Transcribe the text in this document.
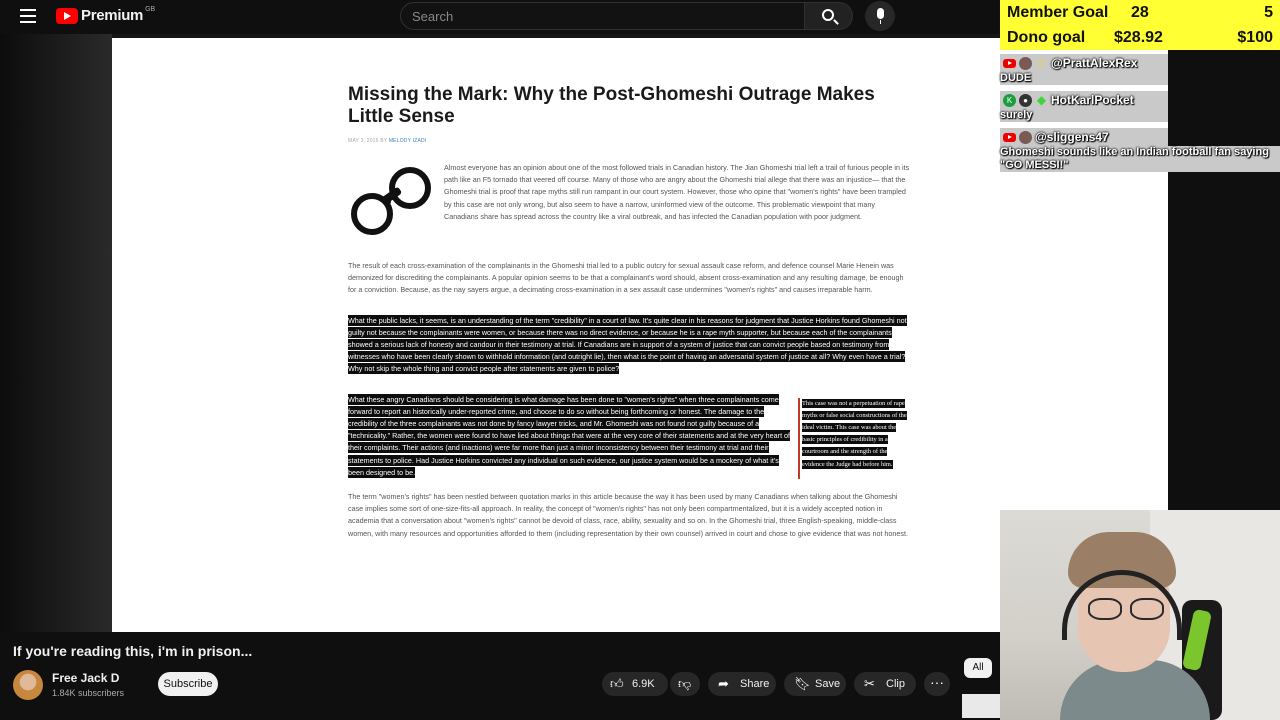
Premium GB
Search
Missing the Mark: Why the Post-Ghomeshi Outrage Makes Little Sense
MAY 3, 2016 BY MELODY IZADI

Almost everyone has an opinion about one of the most followed trials in Canadian history. The Jian Ghomeshi trial left a trail of furious people in its path like an F5 tornado that veered off course. Many of those who are angry about the Ghomeshi trial allege that there was an injustice— that the Ghomeshi trial is proof that rape myths still run rampant in our court system. However, those who opine that "women's rights" have been trampled by this case are not only wrong, but also seem to have a narrow, uninformed view of the outcome. This problematic viewpoint that many Canadians share has spread across the country like a viral outbreak, and has infected the Canadian population with poor judgment.

The result of each cross-examination of the complainants in the Ghomeshi trial led to a public outcry for sexual assault case reform, and defence counsel Marie Henein was demonized for discrediting the complainants. A popular opinion seems to be that a complainant's word should, absent cross-examination and any resulting damage, be enough for a conviction. Because, as the nay sayers argue, a decimating cross-examination in a sex assault case undermines "women's rights" and causes irreparable harm.

What the public lacks, it seems, is an understanding of the term "credibility" in a court of law. It's quite clear in his reasons for judgment that Justice Horkins found Ghomeshi not guilty not because the complainants were women, or because there was no direct evidence, or because he is a rape myth supporter, but because each of the complainants showed a serious lack of honesty and candour in their testimony at trial. If Canadians are in support of a system of justice that can convict people based on testimony from witnesses who have been clearly shown to withhold information (and outright lie), then what is the point of having an adversarial system of justice at all? Why even have a trial? Why not skip the whole thing and convict people after statements are given to police?

What these angry Canadians should be considering is what damage has been done to "women's rights" when three complainants come forward to report an historically under-reported crime, and choose to do so without being forthcoming or honest. The damage to the credibility of the three complainants was not done by fancy lawyer tricks, and Mr. Ghomeshi was not found not guilty because of a "technicality." Rather, the women were found to have lied about things that were at the very core of their statements and at the very heart of their complaints. Their actions (and inactions) were far more than just a minor inconsistency between their testimony at trial and their statements to police. Had Justice Horkins convicted any individual on such evidence, our justice system would be a mockery of what it's been designed to be.

This case was not a perpetuation of rape myths or false social constructions of the ideal victim. This case was about the basic principles of credibility in a courtroom and the strength of the evidence the Judge had before him.

The term "women's rights" has been nestled between quotation marks in this article because the way it has been used by many Canadians when talking about the Ghomeshi case implies some sort of one-size-fits-all approach. In reality, the concept of "women's rights" has not only been compartmentalized, but it is a widely accepted notion in academia that a conversation about "women's rights" cannot be devoid of class, race, ability, sexuality and so on. In the Ghomeshi trial, three English-speaking, middle-class women, with many resources and opportunities afforded to them (including representation by their own counsel) arrived in court and chose to give evidence that was not honest.

Member Goal 28	5
Dono goal $28.92	$100
☆ @PrattAlexRex
DUDE
K	● ◆ HotKarlPocket
surely
@sliggens47
Ghomeshi sounds like an Indian football fan saying "GO MESSI!"
If you're reading this, i'm in prison...
Free Jack D
1.84K subscribers
Subscribe	👍︎ 6.9K 👎︎ ➦ Share 🔖︎ Save ✂ Clip	···
All
